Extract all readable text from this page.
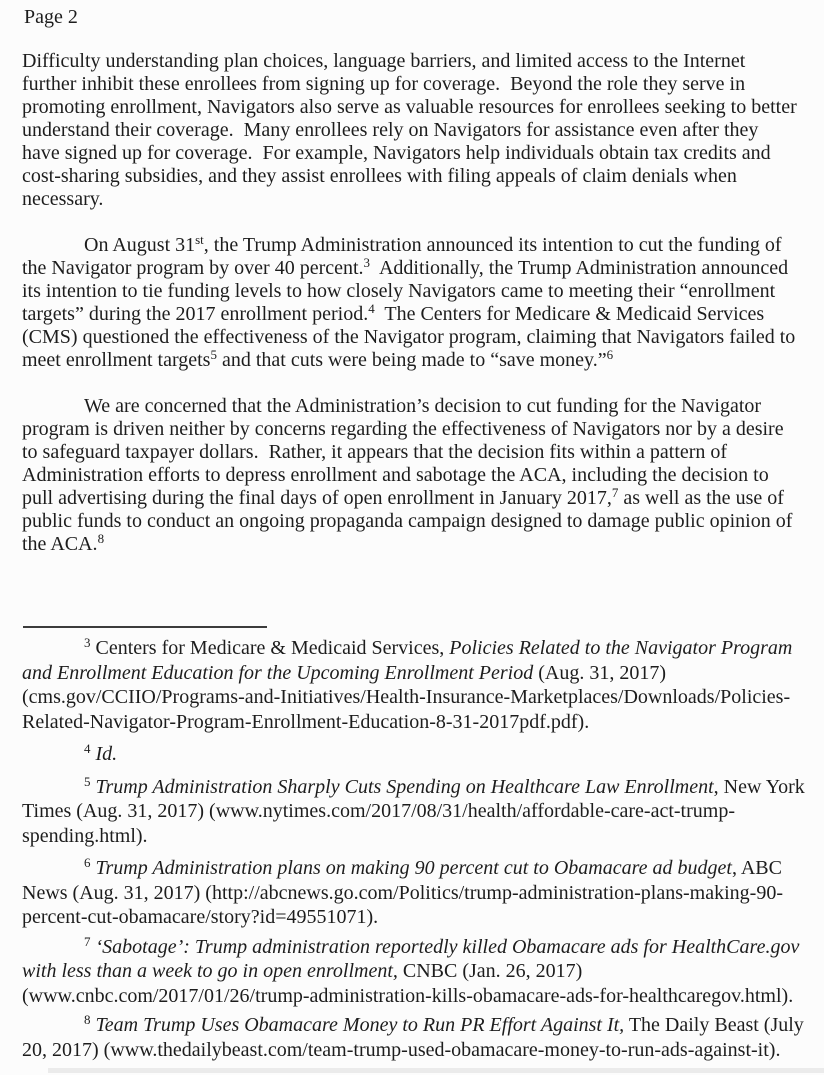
Page 2

Difficulty understanding plan choices, language barriers, and limited access to the Internet further inhibit these enrollees from signing up for coverage.  Beyond the role they serve in promoting enrollment, Navigators also serve as valuable resources for enrollees seeking to better understand their coverage.  Many enrollees rely on Navigators for assistance even after they have signed up for coverage.  For example, Navigators help individuals obtain tax credits and cost-sharing subsidies, and they assist enrollees with filing appeals of claim denials when necessary.

On August 31st, the Trump Administration announced its intention to cut the funding of the Navigator program by over 40 percent.$^3$  Additionally, the Trump Administration announced its intention to tie funding levels to how closely Navigators came to meeting their “enrollment targets” during the 2017 enrollment period.$^4$  The Centers for Medicare & Medicaid Services (CMS) questioned the effectiveness of the Navigator program, claiming that Navigators failed to meet enrollment targets$^5$ and that cuts were being made to “save money.”$^6$

We are concerned that the Administration’s decision to cut funding for the Navigator program is driven neither by concerns regarding the effectiveness of Navigators nor by a desire to safeguard taxpayer dollars.  Rather, it appears that the decision fits within a pattern of Administration efforts to depress enrollment and sabotage the ACA, including the decision to pull advertising during the final days of open enrollment in January 2017,$^7$ as well as the use of public funds to conduct an ongoing propaganda campaign designed to damage public opinion of the ACA.$^8$

$^3$ Centers for Medicare & Medicaid Services, Policies Related to the Navigator Program and Enrollment Education for the Upcoming Enrollment Period (Aug. 31, 2017) (cms.gov/CCIIO/Programs-and-Initiatives/Health-Insurance-Marketplaces/Downloads/Policies-Related-Navigator-Program-Enrollment-Education-8-31-2017pdf.pdf).

$^4$ Id.

$^5$ Trump Administration Sharply Cuts Spending on Healthcare Law Enrollment, New York Times (Aug. 31, 2017) (www.nytimes.com/2017/08/31/health/affordable-care-act-trump-spending.html).

$^6$ Trump Administration plans on making 90 percent cut to Obamacare ad budget, ABC News (Aug. 31, 2017) (http://abcnews.go.com/Politics/trump-administration-plans-making-90-percent-cut-obamacare/story?id=49551071).

$^7$ ‘Sabotage’: Trump administration reportedly killed Obamacare ads for HealthCare.gov with less than a week to go in open enrollment, CNBC (Jan. 26, 2017) (www.cnbc.com/2017/01/26/trump-administration-kills-obamacare-ads-for-healthcaregov.html).

$^8$ Team Trump Uses Obamacare Money to Run PR Effort Against It, The Daily Beast (July 20, 2017) (www.thedailybeast.com/team-trump-used-obamacare-money-to-run-ads-against-it).
